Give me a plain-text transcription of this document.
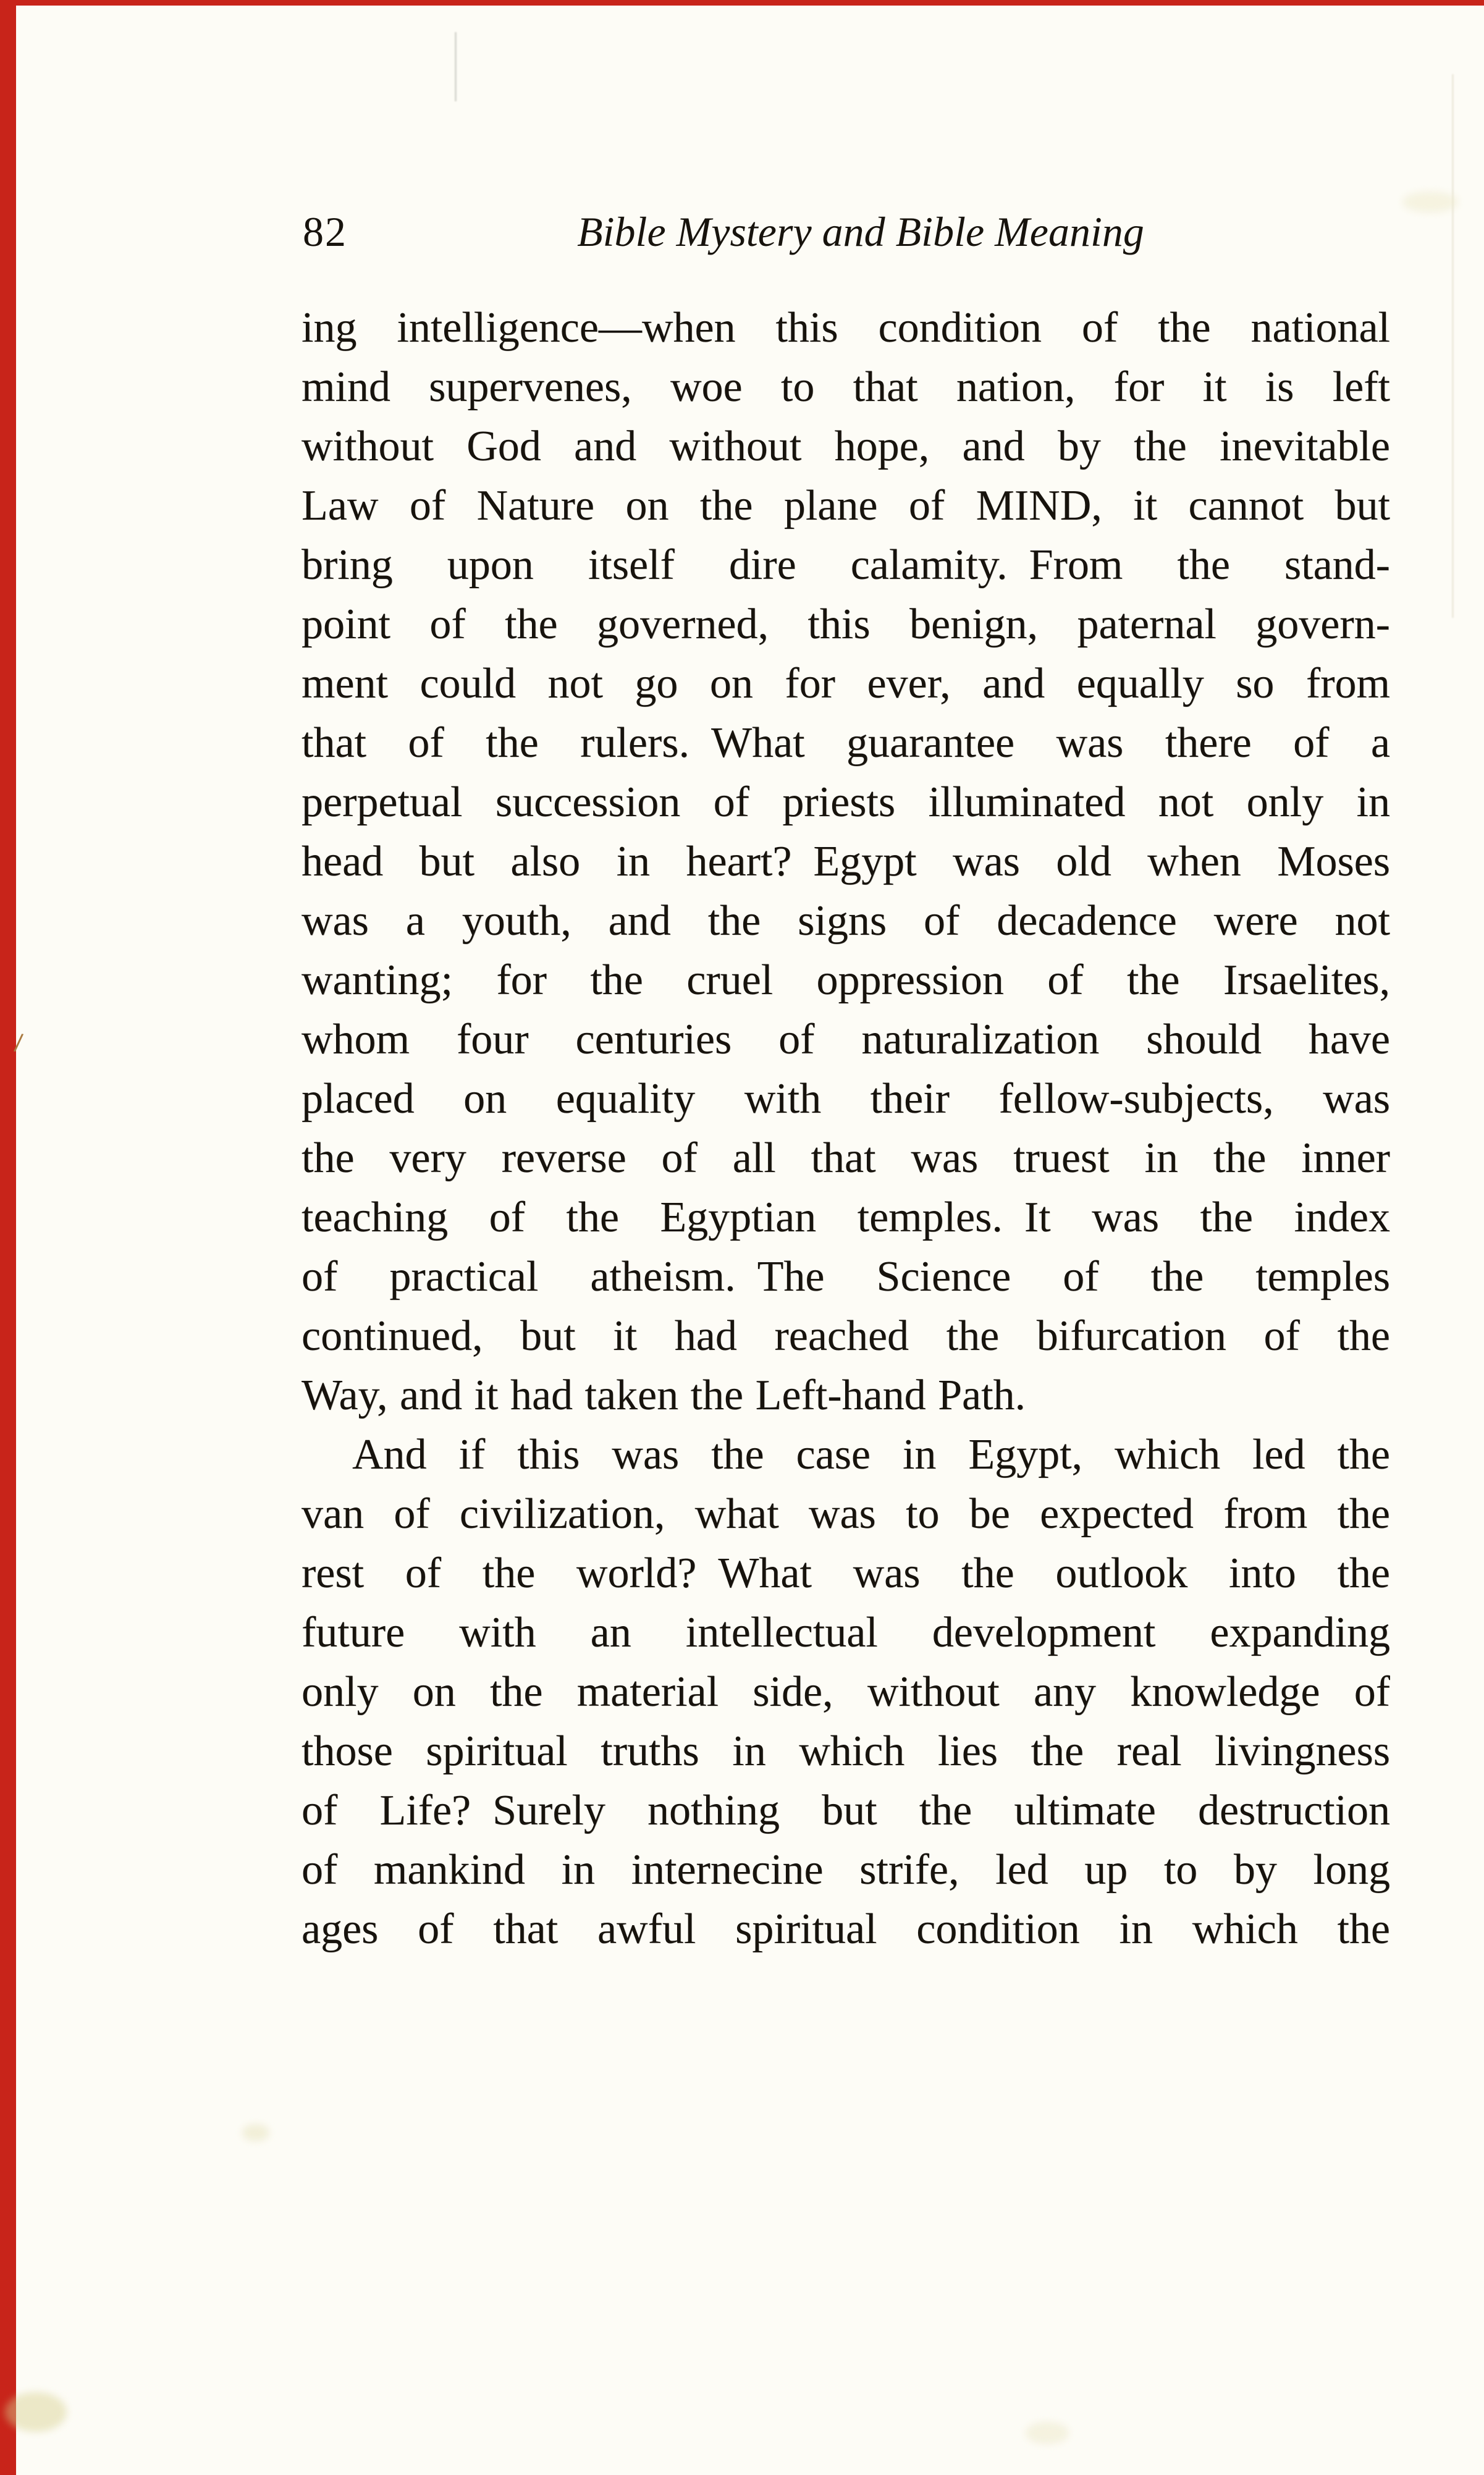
82	Bible Mystery and Bible Meaning
ing intelligence—when this condition of the national
mind supervenes, woe to that nation, for it is left
without God and without hope, and by the inevitable
Law of Nature on the plane of MIND, it cannot but
bring upon itself dire calamity. From the stand-
point of the governed, this benign, paternal govern-
ment could not go on for ever, and equally so from
that of the rulers. What guarantee was there of a
perpetual succession of priests illuminated not only in
head but also in heart? Egypt was old when Moses
was a youth, and the signs of decadence were not
wanting; for the cruel oppression of the Irsaelites,
whom four centuries of naturalization should have
placed on equality with their fellow-subjects, was
the very reverse of all that was truest in the inner
teaching of the Egyptian temples. It was the index
of practical atheism. The Science of the temples
continued, but it had reached the bifurcation of the
Way, and it had taken the Left-hand Path.
And if this was the case in Egypt, which led the
van of civilization, what was to be expected from the
rest of the world? What was the outlook into the
future with an intellectual development expanding
only on the material side, without any knowledge of
those spiritual truths in which lies the real livingness
of Life? Surely nothing but the ultimate destruction
of mankind in internecine strife, led up to by long
ages of that awful spiritual condition in which the
/
